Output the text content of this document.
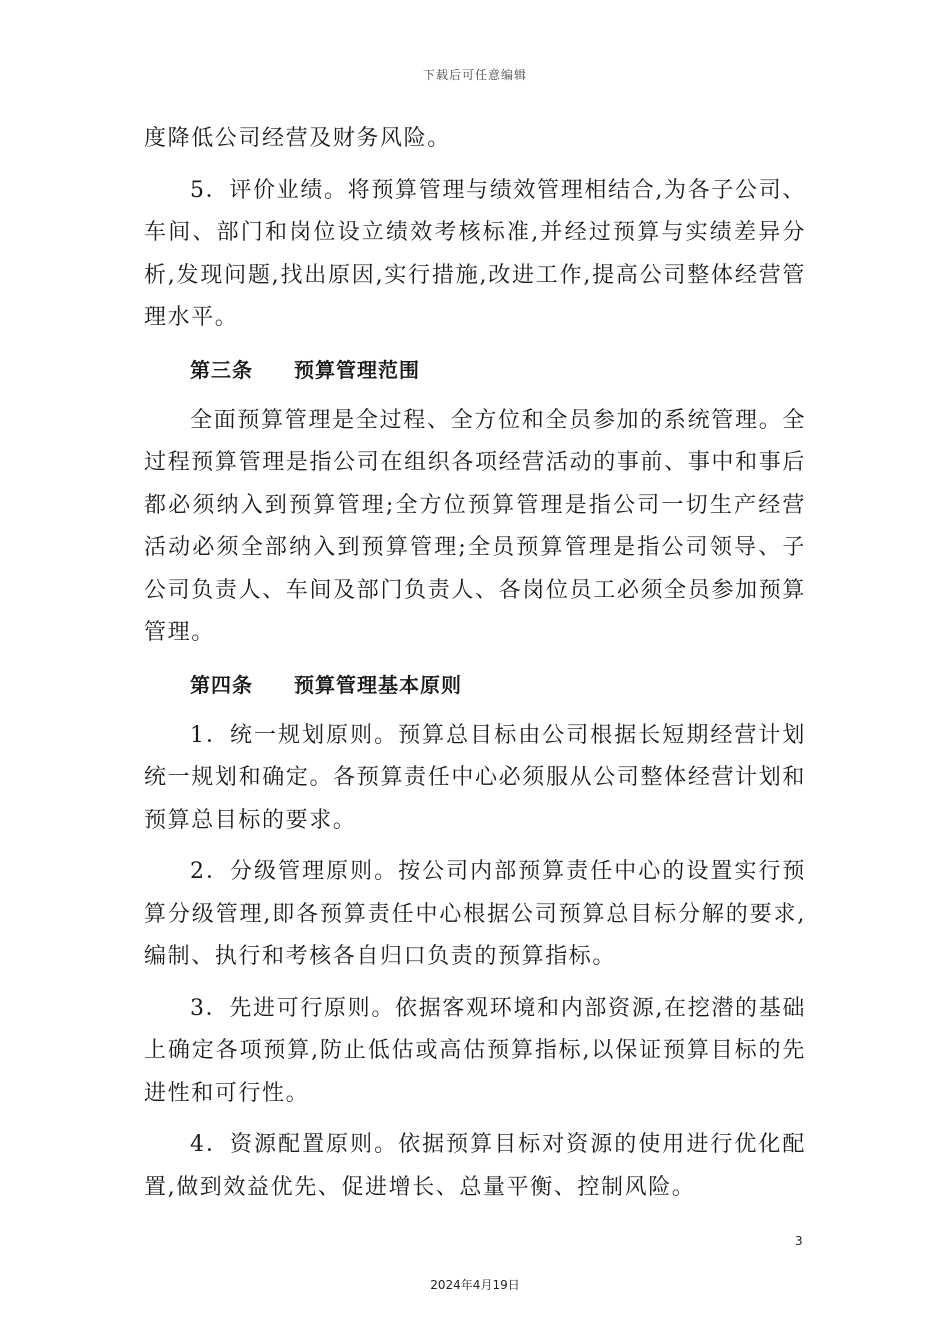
下载后可任意编辑

度降低公司经营及财务风险。

5．评价业绩。将预算管理与绩效管理相结合,为各子公司、车间、部门和岗位设立绩效考核标准,并经过预算与实绩差异分析,发现问题,找出原因,实行措施,改进工作,提高公司整体经营管理水平。

第三条 预算管理范围

全面预算管理是全过程、全方位和全员参加的系统管理。全过程预算管理是指公司在组织各项经营活动的事前、事中和事后都必须纳入到预算管理;全方位预算管理是指公司一切生产经营活动必须全部纳入到预算管理;全员预算管理是指公司领导、子公司负责人、车间及部门负责人、各岗位员工必须全员参加预算管理。

第四条 预算管理基本原则

1．统一规划原则。预算总目标由公司根据长短期经营计划统一规划和确定。各预算责任中心必须服从公司整体经营计划和预算总目标的要求。

2．分级管理原则。按公司内部预算责任中心的设置实行预算分级管理,即各预算责任中心根据公司预算总目标分解的要求,编制、执行和考核各自归口负责的预算指标。

3．先进可行原则。依据客观环境和内部资源,在挖潜的基础上确定各项预算,防止低估或高估预算指标,以保证预算目标的先进性和可行性。

4．资源配置原则。依据预算目标对资源的使用进行优化配置,做到效益优先、促进增长、总量平衡、控制风险。

3
2024年4月19日
